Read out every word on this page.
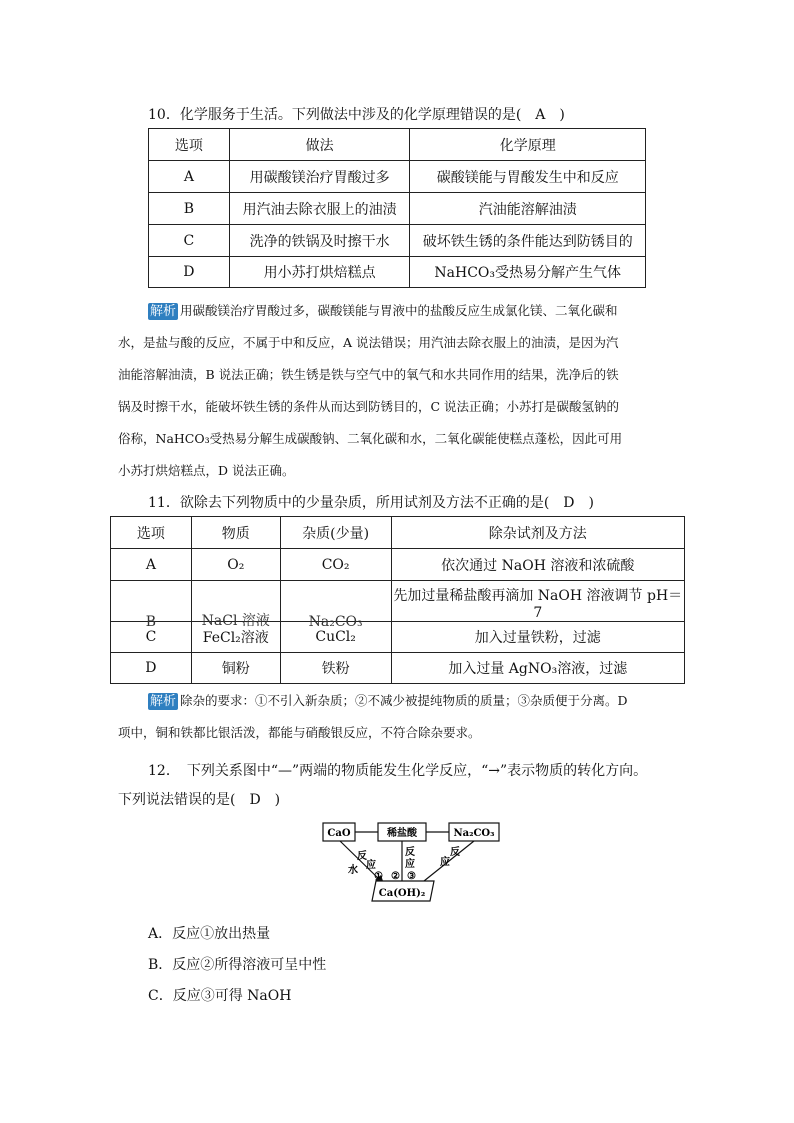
10．化学服务于生活。下列做法中涉及的化学原理错误的是(　A　)
选项	做法	化学原理
A	用碳酸镁治疗胃酸过多	碳酸镁能与胃酸发生中和反应
B	用汽油去除衣服上的油渍	汽油能溶解油渍
C	洗净的铁锅及时擦干水	破坏铁生锈的条件能达到防锈目的
D	用小苏打烘焙糕点	NaHCO₃受热易分解产生气体
解析 用碳酸镁治疗胃酸过多，碳酸镁能与胃液中的盐酸反应生成氯化镁、二氧化碳和
水，是盐与酸的反应，不属于中和反应，A 说法错误；用汽油去除衣服上的油渍，是因为汽
油能溶解油渍，B 说法正确；铁生锈是铁与空气中的氧气和水共同作用的结果，洗净后的铁
锅及时擦干水，能破坏铁生锈的条件从而达到防锈目的，C 说法正确；小苏打是碳酸氢钠的
俗称，NaHCO₃受热易分解生成碳酸钠、二氧化碳和水，二氧化碳能使糕点蓬松，因此可用
小苏打烘焙糕点，D 说法正确。
11．欲除去下列物质中的少量杂质，所用试剂及方法不正确的是(　D　)
选项	物质	杂质(少量)	除杂试剂及方法
A	O₂	CO₂	依次通过 NaOH 溶液和浓硫酸

B	NaCl 溶液	Na₂CO₃	先加过量稀盐酸再滴加 NaOH 溶液调节 pH＝7
C	FeCl₂溶液	CuCl₂	加入过量铁粉，过滤
D	铜粉	铁粉	加入过量 AgNO₃溶液，过滤
解析 除杂的要求：①不引入新杂质；②不减少被提纯物质的质量；③杂质便于分离。D
项中，铜和铁都比银活泼，都能与硝酸银反应，不符合除杂要求。
12．　下列关系图中“—”两端的物质能发生化学反应，“→”表示物质的转化方向。
下列说法错误的是(　D　)
CaO	稀盐酸	Na₂CO₃
Ca(OH)₂
反
应
水
①
反
应
② ③
反
应
A．反应①放出热量
B．反应②所得溶液可呈中性
C．反应③可得 NaOH
